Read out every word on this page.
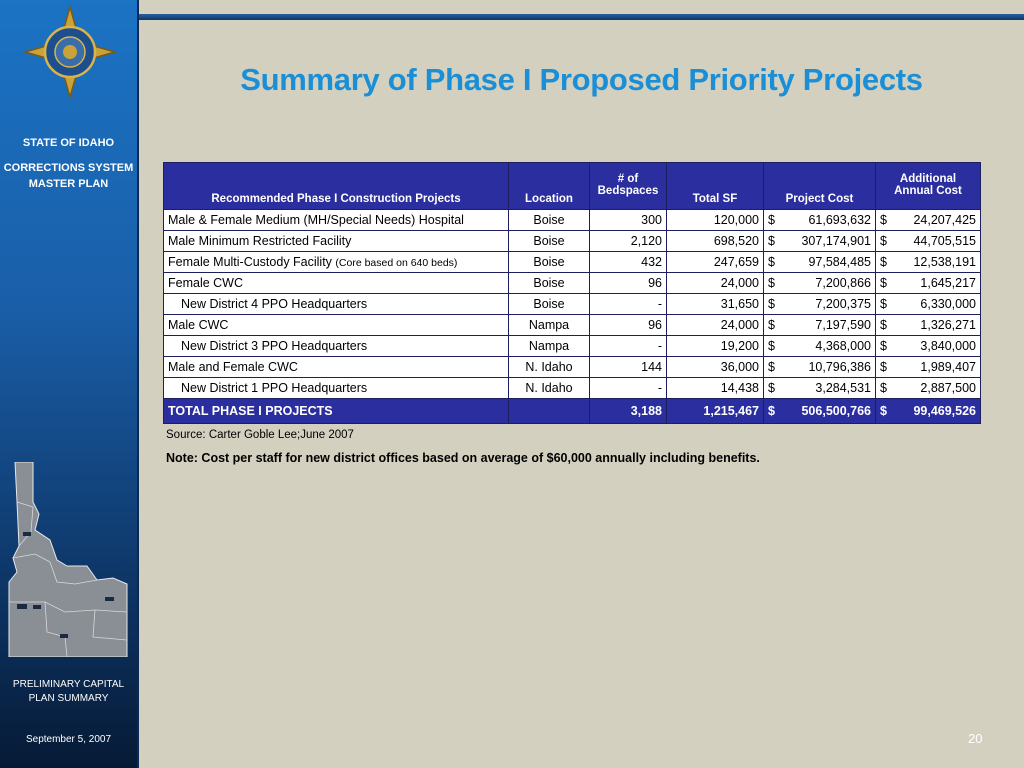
STATE OF IDAHO
CORRECTIONS SYSTEM MASTER PLAN
PRELIMINARY CAPITAL PLAN SUMMARY
September 5, 2007
Summary of Phase I Proposed Priority Projects
Recommended Phase I Construction Projects	Location	# of Bedspaces	Total SF	Project Cost	Additional Annual Cost
Male & Female Medium (MH/Special Needs) Hospital	Boise	300	120,000	$ 61,693,632	$ 24,207,425

Male Minimum Restricted Facility	Boise	2,120	698,520	$ 307,174,901	$ 44,705,515

Female Multi-Custody Facility (Core based on 640 beds)	Boise	432	247,659	$ 97,584,485	$ 12,538,191

Female CWC	Boise	96	24,000	$ 7,200,866	$ 1,645,217

New District 4 PPO Headquarters	Boise	-	31,650	$ 7,200,375	$ 6,330,000

Male CWC	Nampa	96	24,000	$ 7,197,590	$ 1,326,271

New District 3 PPO Headquarters	Nampa	-	19,200	$ 4,368,000	$ 3,840,000

Male and Female CWC	N. Idaho	144	36,000	$ 10,796,386	$ 1,989,407

New District 1 PPO Headquarters	N. Idaho	-	14,438	$ 3,284,531	$ 2,887,500

TOTAL PHASE I PROJECTS		3,188	1,215,467	$ 506,500,766	$ 99,469,526
Source: Carter Goble Lee;June 2007
Note: Cost per staff for new district offices based on average of $60,000 annually including benefits.
20
